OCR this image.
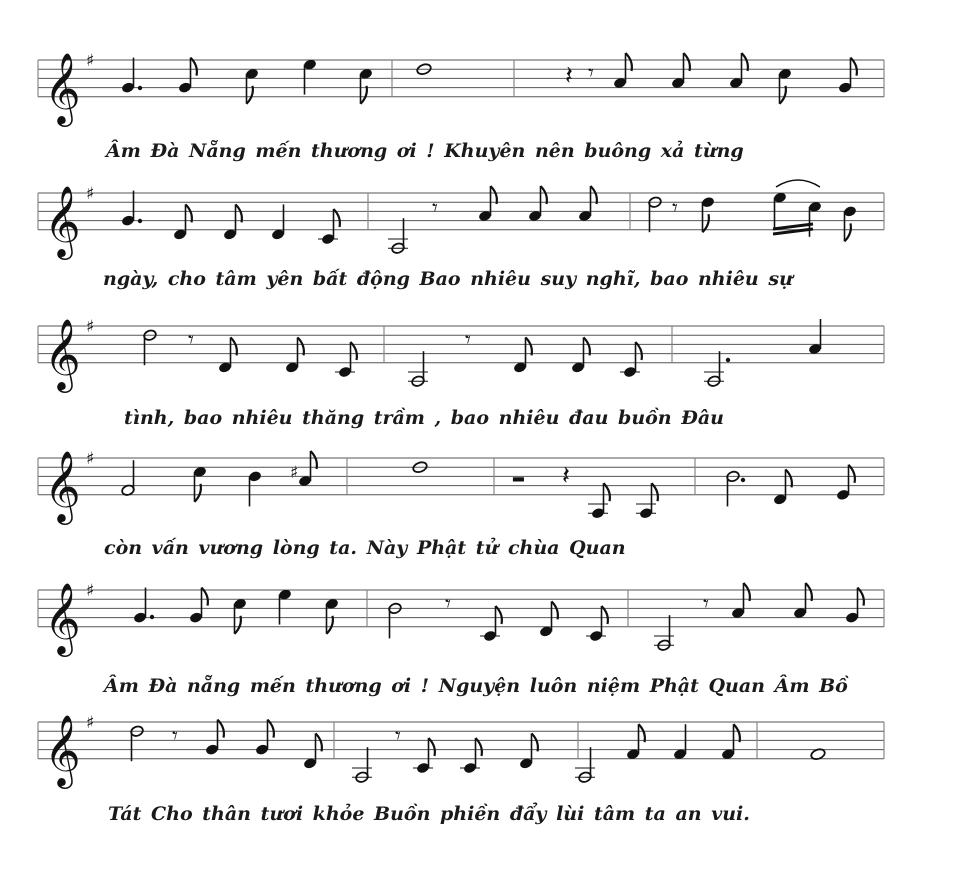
𝄞 ♯
𝄞 ♯
𝄞 ♯
𝄞 ♯
𝄞 ♯
𝄞 ♯
𝄽 𝄾
𝄾	𝄾
𝄾	𝄾
▂ 𝄽
𝄾	𝄾
𝄾	𝄾
♯
Âm Đà Nẵng mến thương ơi ! Khuyên nên buông xả từng
ngày, cho tâm yên bất động Bao nhiêu suy nghĩ, bao nhiêu sự
tình, bao nhiêu thăng trầm , bao nhiêu đau buồn Đâu
còn vấn vương lòng ta. Này Phật tử chùa Quan
Âm Đà nẵng mến thương ơi ! Nguyện luôn niệm Phật Quan Âm Bồ
Tát Cho thân tươi khỏe Buồn phiền đẩy lùi tâm ta an vui.
